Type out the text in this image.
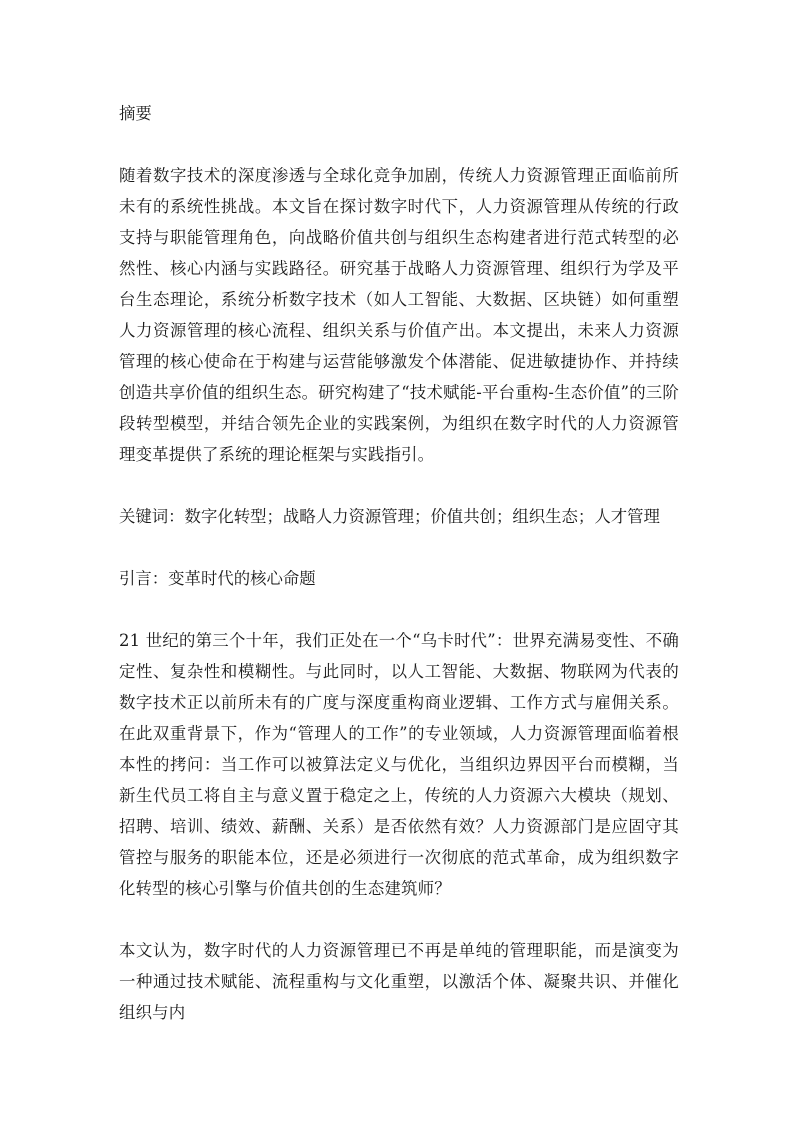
摘要

随着数字技术的深度渗透与全球化竞争加剧，传统人力资源管理正面临前所未有的系统性挑战。本文旨在探讨数字时代下，人力资源管理从传统的行政支持与职能管理角色，向战略价值共创与组织生态构建者进行范式转型的必然性、核心内涵与实践路径。研究基于战略人力资源管理、组织行为学及平台生态理论，系统分析数字技术（如人工智能、大数据、区块链）如何重塑人力资源管理的核心流程、组织关系与价值产出。本文提出，未来人力资源管理的核心使命在于构建与运营能够激发个体潜能、促进敏捷协作、并持续创造共享价值的组织生态。研究构建了“技术赋能-平台重构-生态价值”的三阶段转型模型，并结合领先企业的实践案例，为组织在数字时代的人力资源管理变革提供了系统的理论框架与实践指引。

关键词：数字化转型；战略人力资源管理；价值共创；组织生态；人才管理

引言：变革时代的核心命题

21 世纪的第三个十年，我们正处在一个“乌卡时代”：世界充满易变性、不确定性、复杂性和模糊性。与此同时，以人工智能、大数据、物联网为代表的数字技术正以前所未有的广度与深度重构商业逻辑、工作方式与雇佣关系。在此双重背景下，作为“管理人的工作”的专业领域，人力资源管理面临着根本性的拷问：当工作可以被算法定义与优化，当组织边界因平台而模糊，当新生代员工将自主与意义置于稳定之上，传统的人力资源六大模块（规划、招聘、培训、绩效、薪酬、关系）是否依然有效？人力资源部门是应固守其管控与服务的职能本位，还是必须进行一次彻底的范式革命，成为组织数字化转型的核心引擎与价值共创的生态建筑师？

本文认为，数字时代的人力资源管理已不再是单纯的管理职能，而是演变为一种通过技术赋能、流程重构与文化重塑，以激活个体、凝聚共识、并催化组织与内
